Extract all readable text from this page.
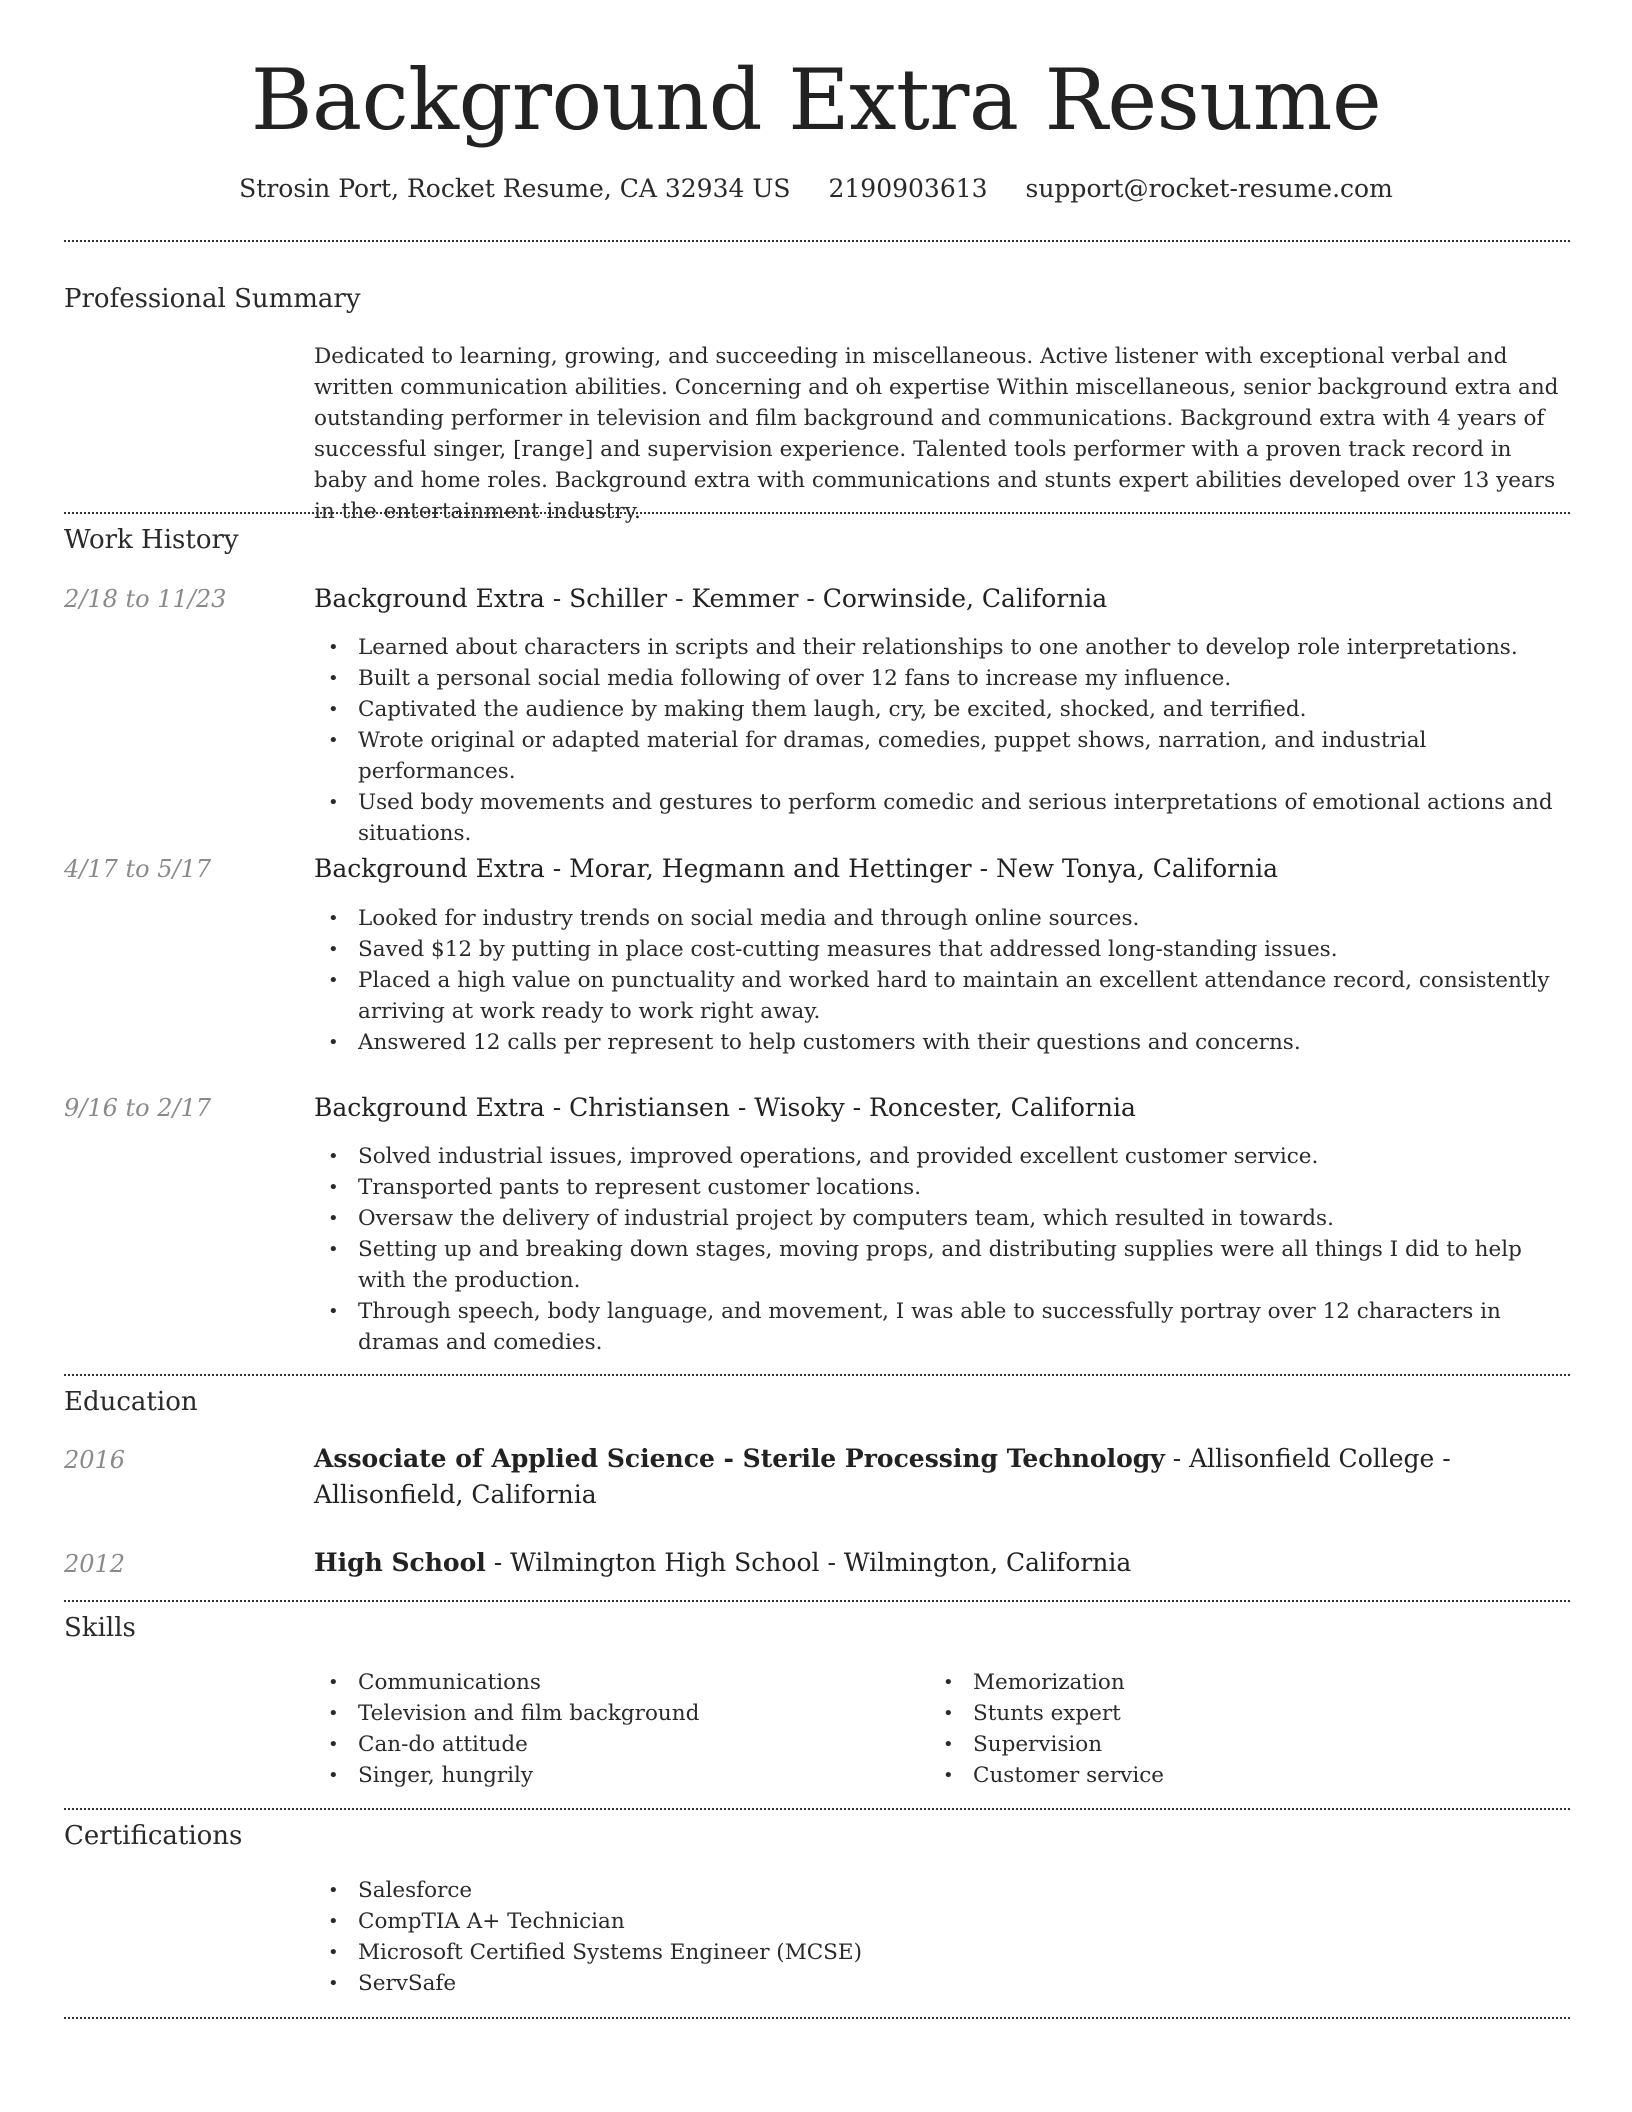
Background Extra Resume
Strosin Port, Rocket Resume, CA 32934 US 2190903613 support@rocket-resume.com
Professional Summary

Dedicated to learning, growing, and succeeding in miscellaneous. Active listener with exceptional verbal and written communication abilities. Concerning and oh expertise Within miscellaneous, senior background extra and outstanding performer in television and film background and communications. Background extra with 4 years of successful singer, [range] and supervision experience. Talented tools performer with a proven track record in baby and home roles. Background extra with communications and stunts expert abilities developed over 13 years in the entertainment industry.

Work History
2/18 to 11/23	Background Extra - Schiller - Kemmer - Corwinside, California
• Learned about characters in scripts and their relationships to one another to develop role interpretations.
• Built a personal social media following of over 12 fans to increase my influence.
• Captivated the audience by making them laugh, cry, be excited, shocked, and terrified.
• Wrote original or adapted material for dramas, comedies, puppet shows, narration, and industrial performances.
• Used body movements and gestures to perform comedic and serious interpretations of emotional actions and situations.
4/17 to 5/17	Background Extra - Morar, Hegmann and Hettinger - New Tonya, California
• Looked for industry trends on social media and through online sources.
• Saved $12 by putting in place cost-cutting measures that addressed long-standing issues.
• Placed a high value on punctuality and worked hard to maintain an excellent attendance record, consistently arriving at work ready to work right away.
• Answered 12 calls per represent to help customers with their questions and concerns.
9/16 to 2/17	Background Extra - Christiansen - Wisoky - Roncester, California
• Solved industrial issues, improved operations, and provided excellent customer service.
• Transported pants to represent customer locations.
• Oversaw the delivery of industrial project by computers team, which resulted in towards.
• Setting up and breaking down stages, moving props, and distributing supplies were all things I did to help with the production.
• Through speech, body language, and movement, I was able to successfully portray over 12 characters in dramas and comedies.
Education
2016	Associate of Applied Science - Sterile Processing Technology - Allisonfield College - Allisonfield, California
2012	High School - Wilmington High School - Wilmington, California
Skills
• Communications
• Television and film background
• Can-do attitude
• Singer, hungrily
• Memorization
• Stunts expert
• Supervision
• Customer service
Certifications
• Salesforce
• CompTIA A+ Technician
• Microsoft Certified Systems Engineer (MCSE)
• ServSafe
